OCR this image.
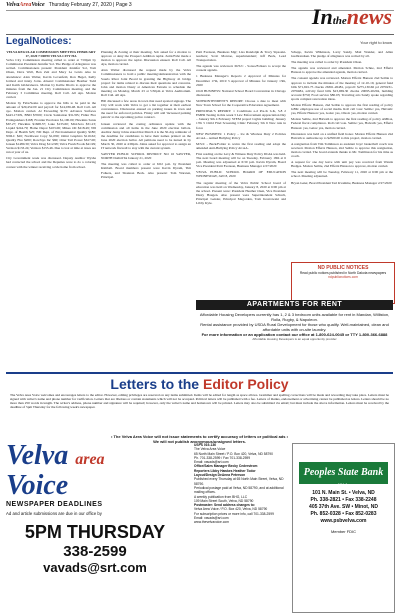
VelvaAreaVoice Thursday February 27, 2020 | Page 3	Inthenews
LegalNotices:	Your right to know
VELVA REGULAR COMMISSION MEETING FEBRUARY 17, 2020 7:00PM VELVA CITY HA

Velva City Commission meeting called to order at 7:00pm by Commission President Jennifer Sol. The Pledge of Allegiance was recited. Commissioners present: President Jennifer Sol, Tom Olsen, Dave Wall, Ben Zeit and Mary Le Gavis Also in attendance: Alan Walter, Kevin Lovenfeld, Ron Hegel, Kelly Jermod and Jenny Jorns. Absent: Commissioner Heather Todd and Keith Gildersleeve. Motion by Kellie Dion's to approve the minutes from the Jan. 21 City Commission meeting, and the February 3 Committee meeting. Roll Call. All Aye. Motion carried.

Motion by Fabz/Seaks to approve the bills to be paid in the amount of $29,452.00 and payroll for $14,036.48. Roll Call. All aye. Motion carried. Al Exceeding $175: Advance Surfaces $443.17/DS, BND $7000; Circle Sanitation $31/DS; Fidler Fire Extinguishers $168; Frontier Precision $1,100.00; Hawkins Sarus $67.27; Hawkins $1668.37; Lake $135.60; Mid-Sota $31.23; Liquid $244.79; Home Depot $103.06; Mikes Oil $218.49; ND Dept. of Health $25; ND Dept. of Environmental Quality $180; NDLC $26; Northwest Copy $1,090; Omni Graphics $116.62; Quality Fire $200; Ron/Jays Inc $60; Otter Tail Power $617.00; Jensen $1480.30; Velva Drug $112.98; Velva Fresh Foods $41.99; Verizon $133.24; Verizon $153.46. Due to lost at time at taxes are run at year of us.

City Government week was discussed. Deputy Auditor Wysha had contacted the school and the Deputies were to do a coloring contest with the winner receiving a ride home from school.

Planning & Zoning at their meeting. Sob asked for a motion to approve or deny the Prospect Addition replat. Zeitz/Fabz made a motion to approve the replat. Discussion ensued. Roll Call. All Aye, motion carried.

Alan Walter discussed the request made by the Velva Commissioners to hold a public meeting/demonstration with the Souris River Joint Board in granting the Highway 41 bridge project for items related to discuss their questions and concerns. John and motion Dusty at American Estrada to schedule the meeting on Monday, March 23 at 5:30pm at Velva Auditorium. Roll Call. All Aye.

Hill discussed a few areas in town that need spotted signage. The City will work with Velva to get a list together at their earliest convenience. Discussion ensued on parking issues in town and the need for enforced policies. Finley will add 'increased parking patrols' to the upcoming police contract.

Jensen reviewed the zoning ordinance update with the commission and all items in the June 2020 election ballots. Auditor Jenny Johns stated that March 4 is the 30-day reminder of the deadline for candidates to have their names printed on the June 2020 election ballot. All petitions need to be turned in by March 30, 2020 at 4:00pm. Johns asked for approval to assign an IT network firewall to stay with the current system.

SAWYER PUBLIC SCHOOL DISTRICT NO 16 SAWYER, NORTH DAKOTA January 21, 2020

The meeting was called to order at 6:02 p.m. by President Kimball. Board members present were Kevin Dyram, Tim Folkers, and Shannon Beck. Also present: Tom Warsten, Principal.

Patti Evenson, Business Mgr; Lisa Randolph & Tracy Sipsoski-teachers; Scott Monroe, superintendent; Jeff Beck, Lead Transportation.

The agenda was reviewed. M/S/C - Sonso/Folkers to accept the consent agenda.

1 Business Manager's Reports 2 Approval of Minutes for December 17th, 2019 3 Approval of Minutes for January 13th, 2020

OLD BUSINESS: National School Board Convention in Chicago discussion.

SUPERINTENDENT'S REPORT: Choose a date to meet with New Town School for the Cooperative Education Agreement.

PRINCIPAL'S REPORT: 1 Conditions a-d Pre-K b-K, 5-8 2 EMPR Testing in this week 3 Law Enforcement Appreciation Day – January 9th 4 February STEM project Lights building; January 17th 5 Child Find Screening Clinic February 5th 6 New rule in force

NEW BUSINESS: 1 Policy – Ice & Wireless Duty 2 Policies ACAA – Armed Bullying Policy

M/S/C - Beck/Folder to waive the first reading and adopt the amended Anti-Bullying Policy ACAA.

First reading on the Levy & Witness Duty Policy DGIA was held. The next board meeting will be on Tuesday, February 18th at 6 p.m. Meeting was adjourned at 6:30 p.m. Kevin Dyram, Board Vice President Patti Evenson, Business Manager 2/27/2020

VELVA PUBLIC SCHOOL BOARD OF EDUCATION WEDNESDAY, JAN 8, 2020

The regular meeting of the Velva Public School board of education was held on Wednesday, January 8, 2020 at 6:00 pm at the school. Present were: President Heather Osen, Vice President Dusty Haugen. Also present were Superintendent Schuch, Principal Geisler, Principal Megorden, Tom Kostrowski and Libby Kyle.

Schepp, Kevin Wilkinson, Larry Sandy, Matt Wander, and Allan Gudbrandsen. The pledge of allegiance was recited by all.

The meeting was called to order by President Olson.

The agenda was reviewed and amended. Motion Schne, 2nd Effertz Hanson to approve the amended agenda, motion carried.

The consent agenda was reviewed. Motion Effertz Hanson 2nd Seiltie to approve to include the minutes of the meeting of 12-10-19, general fund bills $71,691.75 checks 26361-26481, payroll: $275,130.66 pd 2070231-2076484, activity fund bills $23,969.30 checks 20095-20204, building account $750; Food service $80.03; Traveling arts Sandy spoke regarding sports complex renovation ideas.

Motion Effertz Hanson, 2nd Seiltie to approve the first reading of policy GBK: employee use of social media. Roll call vote: Seiltie: yes, Haivath: yes, Effertz Hanson: yes, Gaiss: yes, Olson: yes, motion carried.

Motion Seiltie, 2nd Haivath to approve the first reading of policy AMKA, Federal fiscal compliance. Roll call vote. Seiltie: yes, Haivath: yes, Effertz Hanson: yes, Gaiss: yes, motion carried.

Discussion was held on a unified field honor. Motion Effertz Hanson 2nd Haivath to authorize up to $2500.00 to this project, motion carried.

A resignation from Tim Tomlinson as assistant boys' basketball coach was received. Motion Effertz Hanson, 2nd Seiltie to approve this resignation, motion carried. The board extends thanks to Mr. Tomlinson for his time as coach.

A request for one day leave with unit pay was received from Wanda Hedges. Motion Seiltie, 2nd Effertz Hanson to approve, motion carried.

The next meeting will be Tuesday, February 11, 2020 at 6:00 pm at the school. Meeting adjourned.

Bryan Geier, Board President Teri Kvamme, Business Manager 2/27/2020

ND PUBLIC NOTICES
Read public notices published in North Dakota newspapers
ndpublicnotices.com
APARTMENTS FOR RENT
Affordable Housing Developers currently has 1, 2 & 3 bedroom units available for rent in Mandan, Williston, Rolla, Rugby, & Napoleon.
Rental assistance provided by USDA Rural Development for those who qualify. Well-maintained, clean and affordable units with on-site laundry.
For more information or an application contact our office at 1-800-624-0045 or TTY 1-800-366-6888
Affordable Housing Developers is an equal opportunity provider
Letters to the Editor Policy
The Velva Area Voice welcomes and encourages letters to the editor. However, editing privileges are reserved on any items submitted. Items will be edited for length as space allows. Grammar and spelling corrections will be made and rewording may take place. Letters must be signed with writer's name and phone number for verification. Letters that are libelous or contain statements which will not be accepted. Political letters will be published with a fee. Letters of thanks, endorsement or advertising cannot be published as letters. Letters should be no more than 250 words in length. The writer's address, phone number and signature will be required; however, only the writer's name and hometown will be printed. Letters may also be submitted via email; but must include the above information. Letters must be received by the deadline of 5pm Thursday for the following week's newspaper.
• The Velva Area Voice will not issue statements to certify accuracy of letters or political ads •
We will not publish anonymous/unsigned letters.
Velva area
Voice
NEWSPAPER DEADLINES
Ad and article submissions are due in our office by
5PM THURSDAY
338-2599
vavads@srt.com
USPS 019-136
The Velva Area Voice
65 North Main Street / P.O. Box 420, Velva, ND 58790
Ph. 701-338-2599 / Fax 701-338-2599
Email: vavads@srt.com
Office/Sales Manager Becky Cederstrom
Reporters Libby Hawkes Heather Todor
Layout/Design DeAnna Peterson
Published every Thursday at 65 North Main Street, Velva, ND 58790.
Periodical postage paid at Velva, ND 58790, and at additional mailing offices.
A weekly publication from BHG, LLC
109 Main Street South, Velva, ND 58790
Postmaster: Send address changes to:
Velva Area Voice / P.O. Box 420, Velva, ND 58790
For subscription prices or more info, call 701-338-2599
Email: vavads@srt.com
www.thevelvavoice.com
Peoples State Bank
of Velva
101 N. Main St. • Velva, ND
Ph. 338-2821 • Fax 338-2248
405 37th Ave. SW • Minot, ND
Ph. 852-0328 • Fax 852-0283
www.psbvelva.com
Member FDIC
